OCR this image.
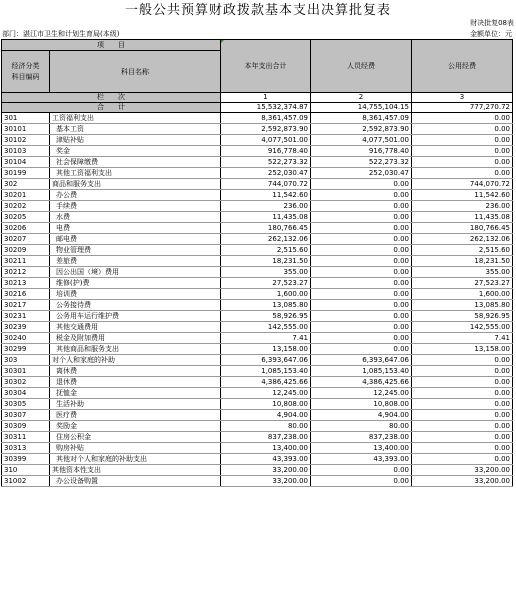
一般公共预算财政拨款基本支出决算批复表
财决批复08表
部门：湛江市卫生和计划生育局(本级)	金额单位：元
项　　目		本年支出合计	人员经费	公用经费
经济分类
科目编码	科目名称			
栏　　次		1	2	3
合　　计		15,532,374.87	14,755,104.15	777,270.72
301	工资福利支出	8,361,457.09	8,361,457.09	0.00
30101	基本工资	2,592,873.90	2,592,873.90	0.00
30102	津贴补贴	4,077,501.00	4,077,501.00	0.00
30103	奖金	916,778.40	916,778.40	0.00
30104	社会保障缴费	522,273.32	522,273.32	0.00
30199	其他工资福利支出	252,030.47	252,030.47	0.00
302	商品和服务支出	744,070.72	0.00	744,070.72
30201	办公费	11,542.60	0.00	11,542.60
30202	手续费	236.00	0.00	236.00
30205	水费	11,435.08	0.00	11,435.08
30206	电费	180,766.45	0.00	180,766.45
30207	邮电费	262,132.06	0.00	262,132.06
30209	物业管理费	2,515.60	0.00	2,515.60
30211	差旅费	18,231.50	0.00	18,231.50
30212	因公出国（境）费用	355.00	0.00	355.00
30213	维修(护)费	27,523.27	0.00	27,523.27
30216	培训费	1,600.00	0.00	1,600.00
30217	公务接待费	13,085.80	0.00	13,085.80
30231	公务用车运行维护费	58,926.95	0.00	58,926.95
30239	其他交通费用	142,555.00	0.00	142,555.00
30240	税金及附加费用	7.41	0.00	7.41
30299	其他商品和服务支出	13,158.00	0.00	13,158.00
303	对个人和家庭的补助	6,393,647.06	6,393,647.06	0.00
30301	离休费	1,085,153.40	1,085,153.40	0.00
30302	退休费	4,386,425.66	4,386,425.66	0.00
30304	抚恤金	12,245.00	12,245.00	0.00
30305	生活补助	10,808.00	10,808.00	0.00
30307	医疗费	4,904.00	4,904.00	0.00
30309	奖励金	80.00	80.00	0.00
30311	住房公积金	837,238.00	837,238.00	0.00
30313	购房补贴	13,400.00	13,400.00	0.00
30399	其他对个人和家庭的补助支出	43,393.00	43,393.00	0.00
310	其他资本性支出	33,200.00	0.00	33,200.00
31002	办公设备购置	33,200.00	0.00	33,200.00
